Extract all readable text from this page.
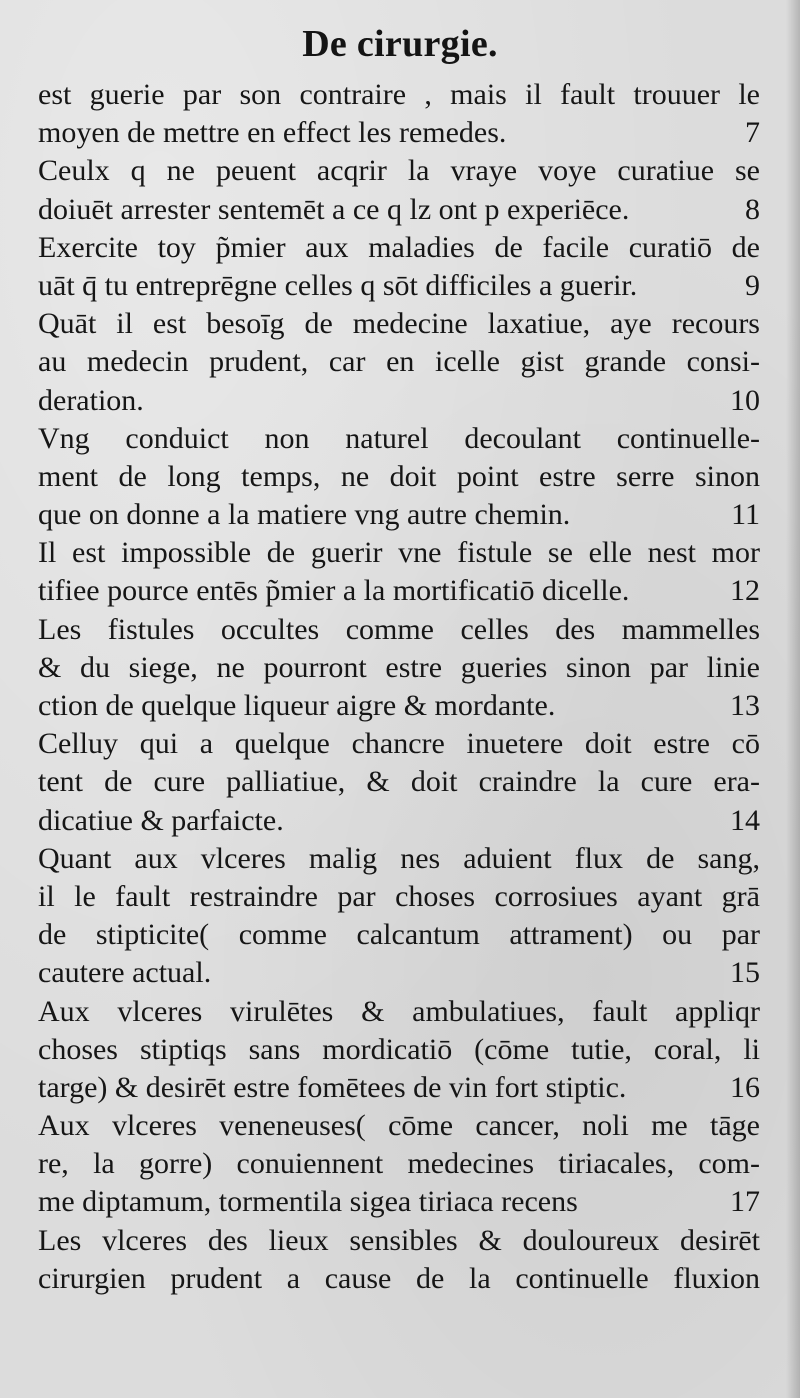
De cirurgie.
est guerie par son contraire , mais il fault trouuer le
moyen de mettre en effect les remedes.	7
Ceulx q ne peuent acqrir la vraye voye curatiue se
doiuēt arrester sentemēt a ce q lz ont p experiēce.	8
Exercite toy p̃mier aux maladies de facile curatiō de
uāt q̄ tu entreprēgne celles q sōt difficiles a guerir.	9
Quāt il est besoīg de medecine laxatiue, aye recours
au medecin prudent, car en icelle gist grande consi-
deration.	10
Vng conduict non naturel decoulant continuelle-
ment de long temps, ne doit point estre serre sinon
que on donne a la matiere vng autre chemin.	11
Il est impossible de guerir vne fistule se elle nest mor
tifiee pource entēs p̃mier a la mortificatiō dicelle.	12
Les fistules occultes comme celles des mammelles
& du siege, ne pourront estre gueries sinon par linie
ction de quelque liqueur aigre & mordante.	13
Celluy qui a quelque chancre inuetere doit estre cō
tent de cure palliatiue, & doit craindre la cure era-
dicatiue & parfaicte.	14
Quant aux vlceres malig nes aduient flux de sang,
il le fault restraindre par choses corrosiues ayant grā
de stipticite( comme calcantum attrament) ou par
cautere actual.	15
Aux vlceres virulētes & ambulatiues, fault appliqr
choses stiptiqs sans mordicatiō (cōme tutie, coral, li
targe) & desirēt estre fomētees de vin fort stiptic.	16
Aux vlceres veneneuses( cōme cancer, noli me tāge
re, la gorre) conuiennent medecines tiriacales, com-
me diptamum, tormentila sigea tiriaca recens	17
Les vlceres des lieux sensibles & douloureux desirēt
cirurgien prudent a cause de la continuelle fluxion
